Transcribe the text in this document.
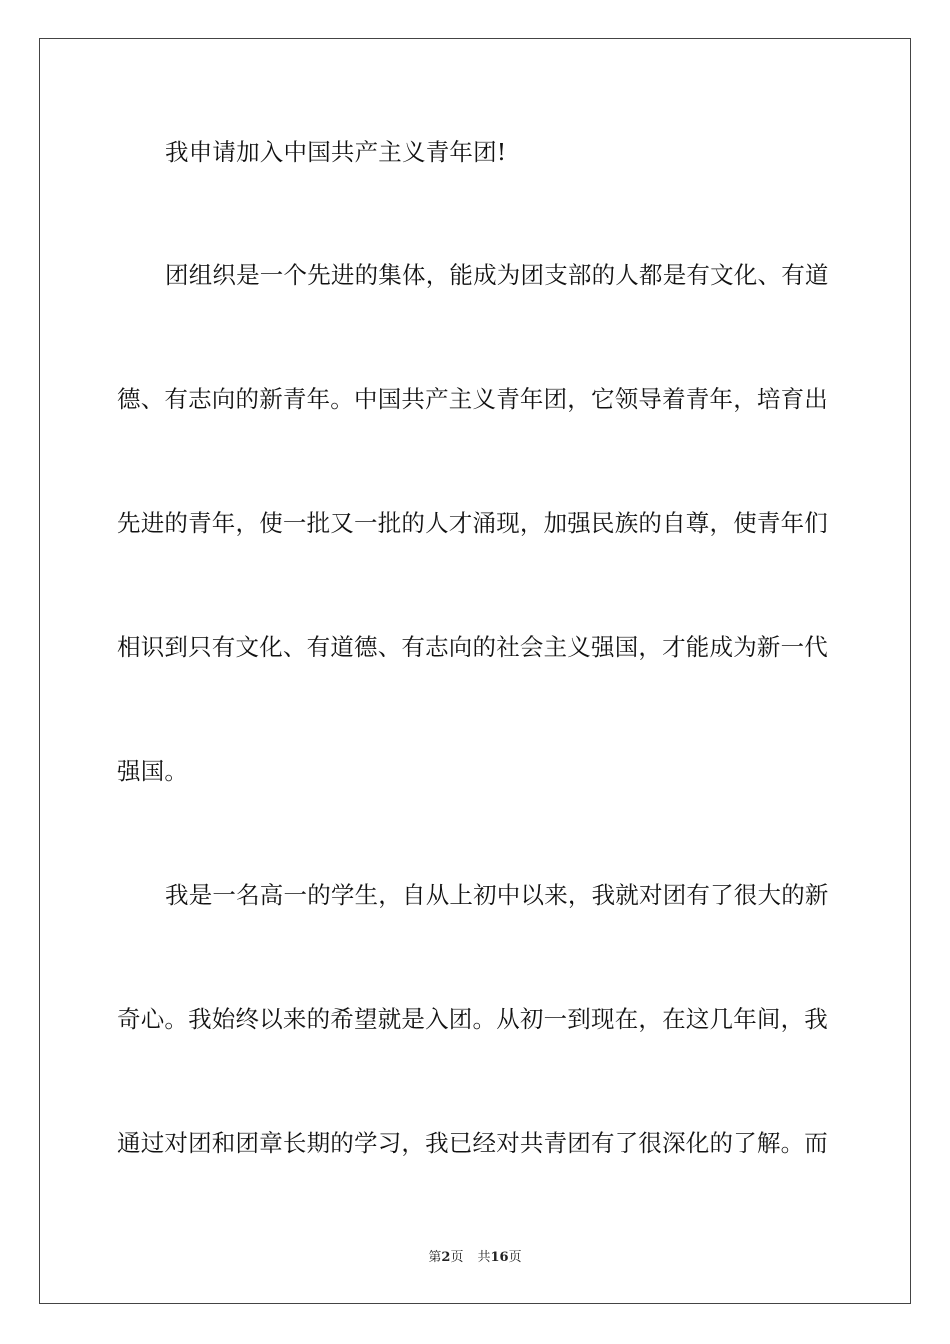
我申请加入中国共产主义青年团!
团组织是一个先进的集体，能成为团支部的人都是有文化、有道
德、有志向的新青年。中国共产主义青年团，它领导着青年，培育出
先进的青年，使一批又一批的人才涌现，加强民族的自尊，使青年们
相识到只有文化、有道德、有志向的社会主义强国，才能成为新一代
强国。
我是一名高一的学生，自从上初中以来，我就对团有了很大的新
奇心。我始终以来的希望就是入团。从初一到现在，在这几年间，我
通过对团和团章长期的学习，我已经对共青团有了很深化的了解。而
第2页 共16页
